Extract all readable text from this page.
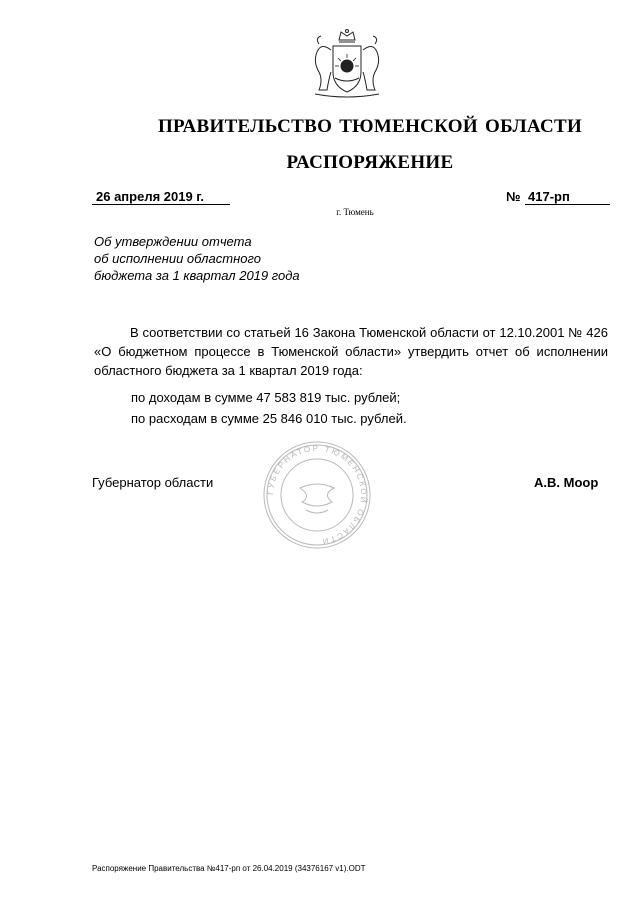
ПРАВИТЕЛЬСТВО ТЮМЕНСКОЙ ОБЛАСТИ
РАСПОРЯЖЕНИЕ
26 апреля 2019 г.	№ 417-рп
г. Тюмень
Об утверждении отчета
об исполнении областного
бюджета за 1 квартал 2019 года
В соответствии со статьей 16 Закона Тюменской области от 12.10.2001 № 426 «О бюджетном процессе в Тюменской области» утвердить отчет об исполнении областного бюджета за 1 квартал 2019 года:
по доходам в сумме 47 583 819 тыс. рублей;
по расходам в сумме 25 846 010 тыс. рублей.
ГУБЕРНАТОР ТЮМЕНСКОЙ ОБЛАСТИ
Губернатор области	А.В. Моор
Распоряжение Правительства №417-рп от 26.04.2019 (34376167 v1).ODT
